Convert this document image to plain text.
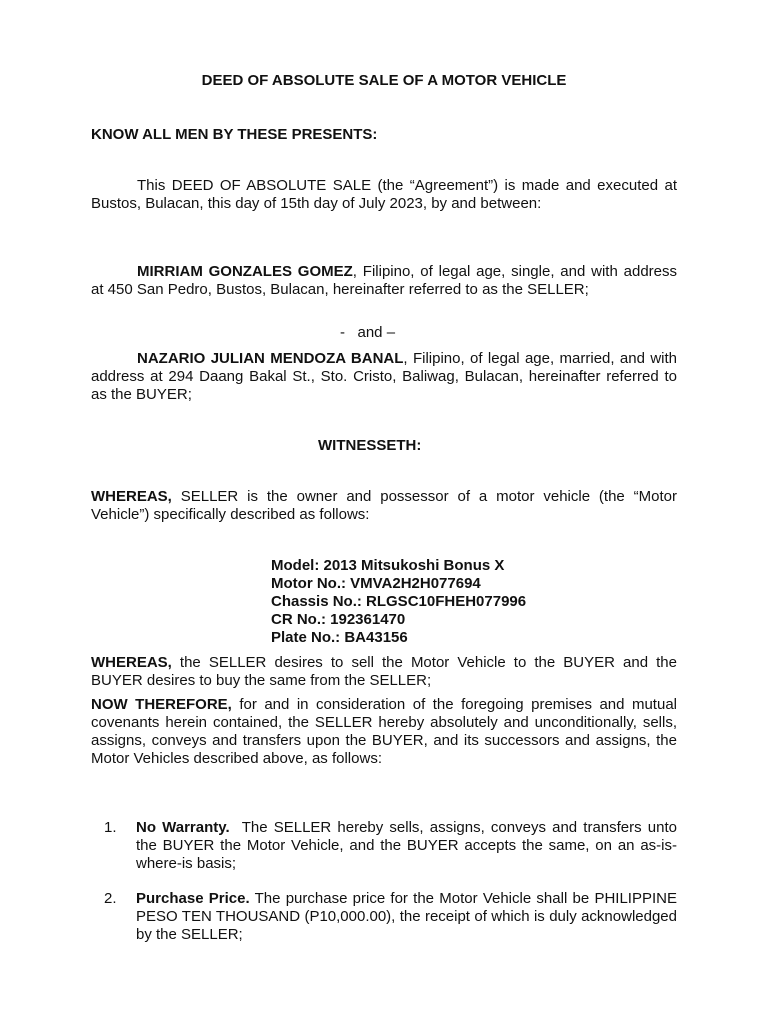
DEED OF ABSOLUTE SALE OF A MOTOR VEHICLE

KNOW ALL MEN BY THESE PRESENTS:

This DEED OF ABSOLUTE SALE (the “Agreement”) is made and executed at Bustos, Bulacan, this day of 15th day of July 2023, by and between:

MIRRIAM GONZALES GOMEZ, Filipino, of legal age, single, and with address at 450 San Pedro, Bustos, Bulacan, hereinafter referred to as the SELLER;

-   and –

NAZARIO JULIAN MENDOZA BANAL, Filipino, of legal age, married, and with address at 294 Daang Bakal St., Sto. Cristo, Baliwag, Bulacan, hereinafter referred to as the BUYER;

WITNESSETH:

WHEREAS, SELLER is the owner and possessor of a motor vehicle (the “Motor Vehicle”) specifically described as follows:

Model: 2013 Mitsukoshi Bonus X
Motor No.: VMVA2H2H077694
Chassis No.: RLGSC10FHEH077996
CR No.: 192361470
Plate No.: BA43156

WHEREAS, the SELLER desires to sell the Motor Vehicle to the BUYER and the BUYER desires to buy the same from the SELLER;

NOW THEREFORE, for and in consideration of the foregoing premises and mutual covenants herein contained, the SELLER hereby absolutely and unconditionally, sells, assigns, conveys and transfers upon the BUYER, and its successors and assigns, the Motor Vehicles described above, as follows:

1.	No Warranty.  The SELLER hereby sells, assigns, conveys and transfers unto the BUYER the Motor Vehicle, and the BUYER accepts the same, on an as-is-where-is basis;
2.	Purchase Price. The purchase price for the Motor Vehicle shall be PHILIPPINE PESO TEN THOUSAND (P10,000.00), the receipt of which is duly acknowledged by the SELLER;
